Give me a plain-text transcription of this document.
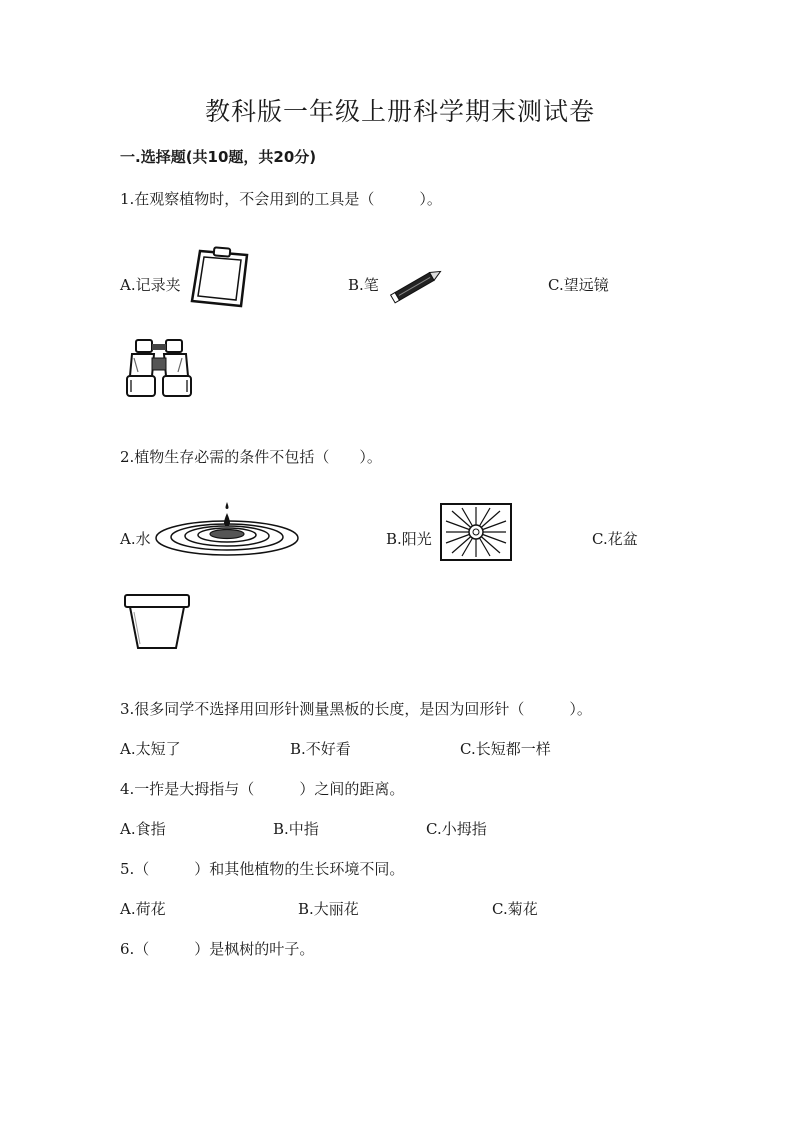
教科版一年级上册科学期末测试卷
一.选择题(共10题，共20分)
1.在观察植物时，不会用到的工具是（　　　）。
A.记录夹	B.笔	C.望远镜
2.植物生存必需的条件不包括（　　）。
A.水	B.阳光	C.花盆
3.很多同学不选择用回形针测量黑板的长度，是因为回形针（　　　）。
A.太短了	B.不好看	C.长短都一样
4.一拃是大拇指与（　　　）之间的距离。
A.食指	B.中指	C.小拇指
5.（　　　）和其他植物的生长环境不同。
A.荷花	B.大丽花	C.菊花
6.（　　　）是枫树的叶子。
